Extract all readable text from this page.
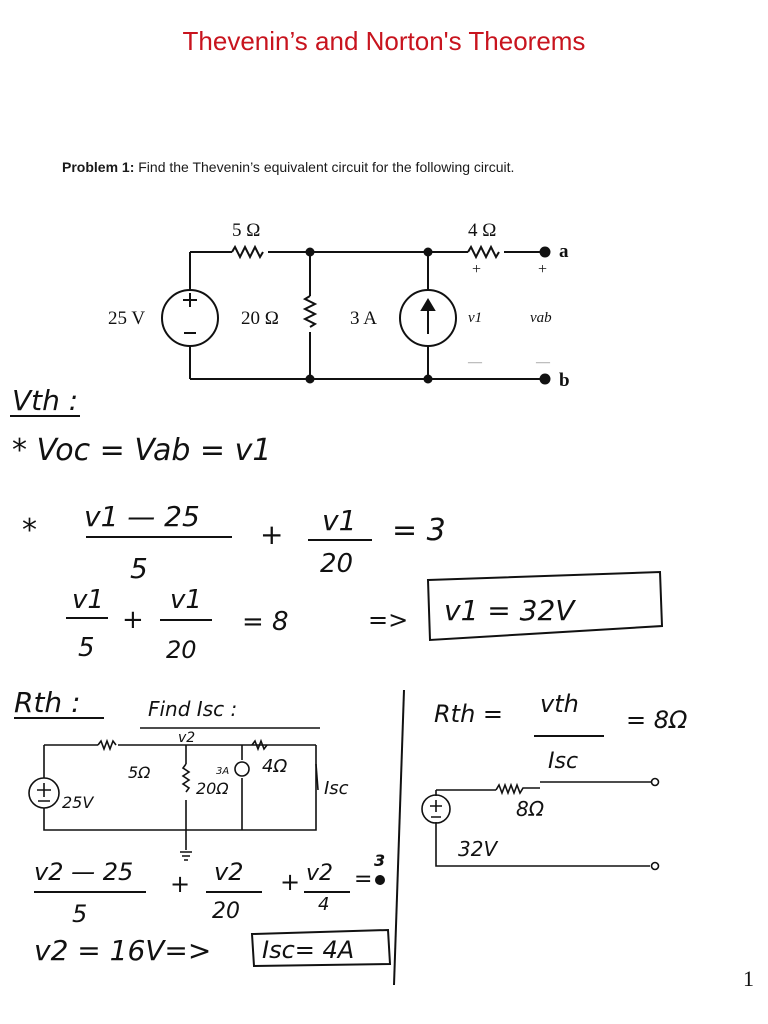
Thevenin’s and Norton's Theorems
Problem 1: Find the Thevenin’s equivalent circuit for the following circuit.
5 Ω	4 Ω
25 V	20 Ω	3 A
a
b
+	+
v1	vab
—	—
Vth :
* Voc = Vab = v1
* v1 — 25
5
+ v1
20
= 3
v1
5
+
v1
20
= 8	=> v1 = 32V
Rth :	Find Isc :
v2
5Ω	3A 4Ω
20Ω
25V
Isc
v2 — 25
5
+ v2
20
+ v2
4
=
3
v2 = 16V=> Isc= 4A
Rth = vth
Isc
= 8Ω
8Ω
32V
1
